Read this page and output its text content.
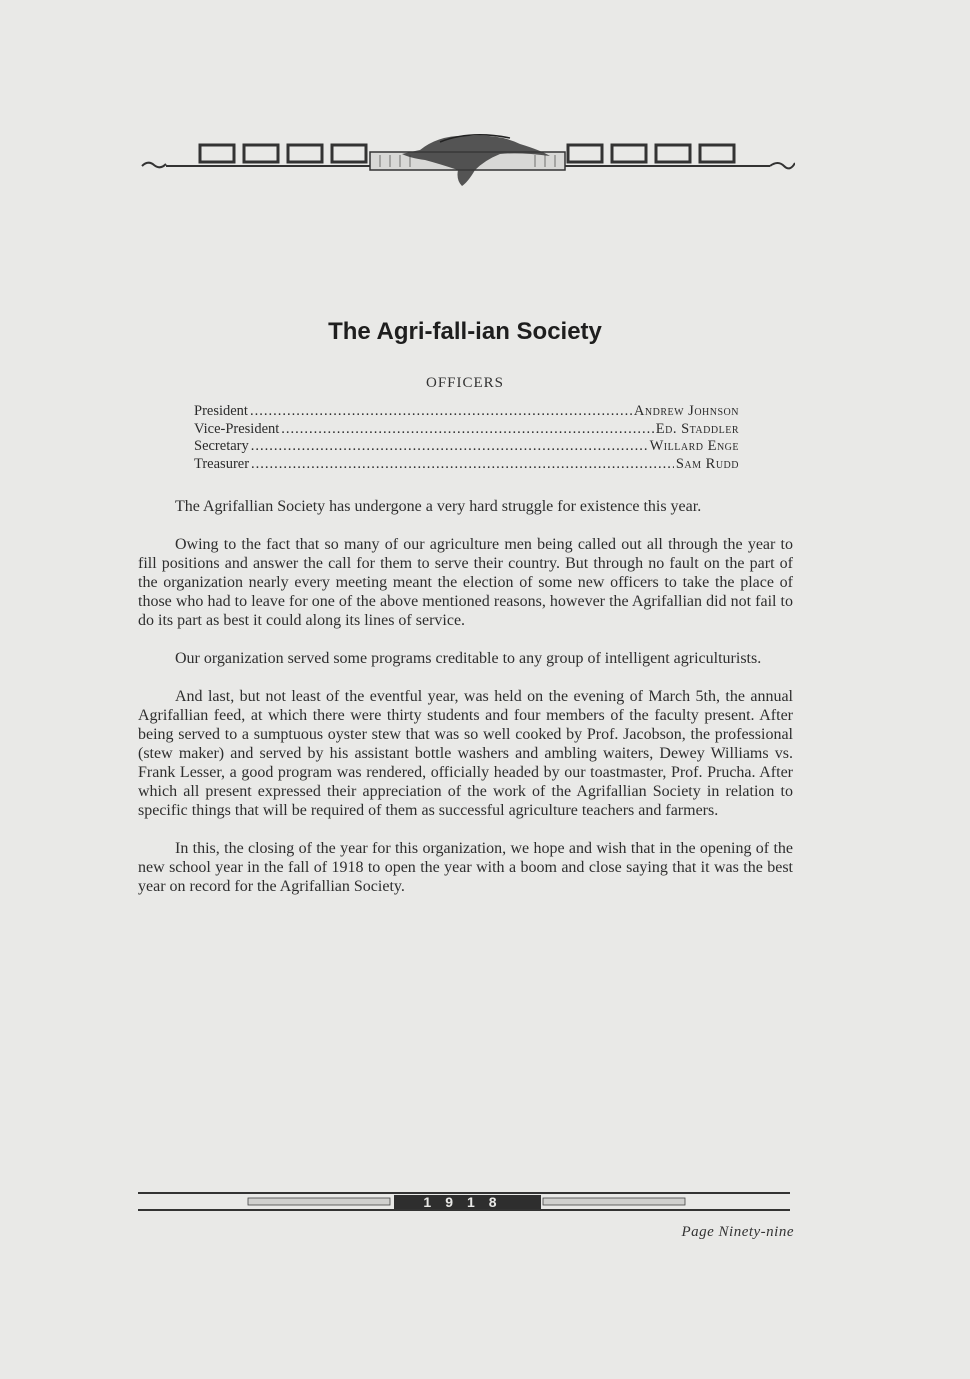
The Agri-fall-ian Society
OFFICERS
President .....	Andrew Johnson
Vice-President .....	Ed. Staddler
Secretary .....	Willard Enge
Treasurer .....	Sam Rudd

The Agrifallian Society has undergone a very hard struggle for existence this year.

Owing to the fact that so many of our agriculture men being called out all through the year to fill positions and answer the call for them to serve their country. But through no fault on the part of the organization nearly every meeting meant the election of some new officers to take the place of those who had to leave for one of the above mentioned reasons, however the Agrifallian did not fail to do its part as best it could along its lines of service.

Our organization served some programs creditable to any group of intelligent agriculturists.

And last, but not least of the eventful year, was held on the evening of March 5th, the annual Agrifallian feed, at which there were thirty students and four members of the faculty present. After being served to a sumptuous oyster stew that was so well cooked by Prof. Jacobson, the professional (stew maker) and served by his assistant bottle washers and ambling waiters, Dewey Williams vs. Frank Lesser, a good program was rendered, officially headed by our toastmaster, Prof. Prucha. After which all present expressed their appreciation of the work of the Agrifallian Society in relation to specific things that will be required of them as successful agriculture teachers and farmers.

In this, the closing of the year for this organization, we hope and wish that in the opening of the new school year in the fall of 1918 to open the year with a boom and close saying that it was the best year on record for the Agrifallian Society.

1918
Page Ninety-nine
